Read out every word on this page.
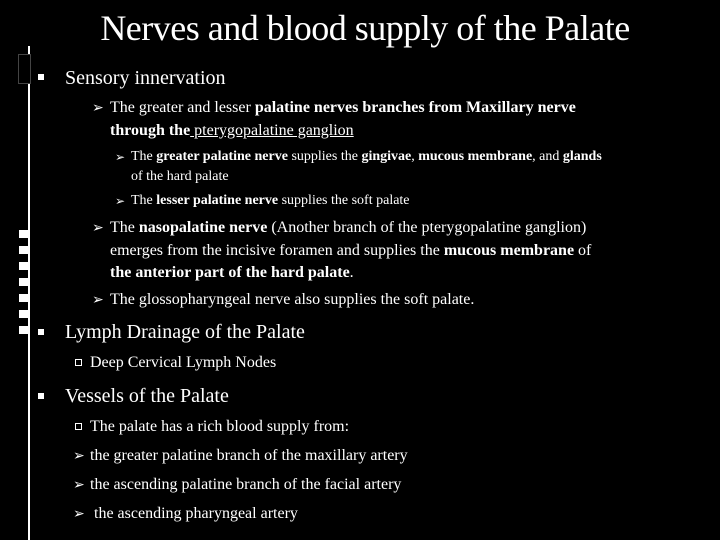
Nerves and blood supply of the Palate
Sensory innervation
➢ The greater and lesser palatine nerves branches from Maxillary nerve
through the pterygopalatine ganglion
➢ The greater palatine nerve supplies the gingivae, mucous membrane, and glands
of the hard palate
➢ The lesser palatine nerve supplies the soft palate
➢ The nasopalatine nerve (Another branch of the pterygopalatine ganglion)
emerges from the incisive foramen and supplies the mucous membrane of
the anterior part of the hard palate.
➢ The glossopharyngeal nerve also supplies the soft palate.
Lymph Drainage of the Palate
Deep Cervical Lymph Nodes
Vessels of the Palate
The palate has a rich blood supply from:
➢ the greater palatine branch of the maxillary artery
➢ the ascending palatine branch of the facial artery
➢ the ascending pharyngeal artery
